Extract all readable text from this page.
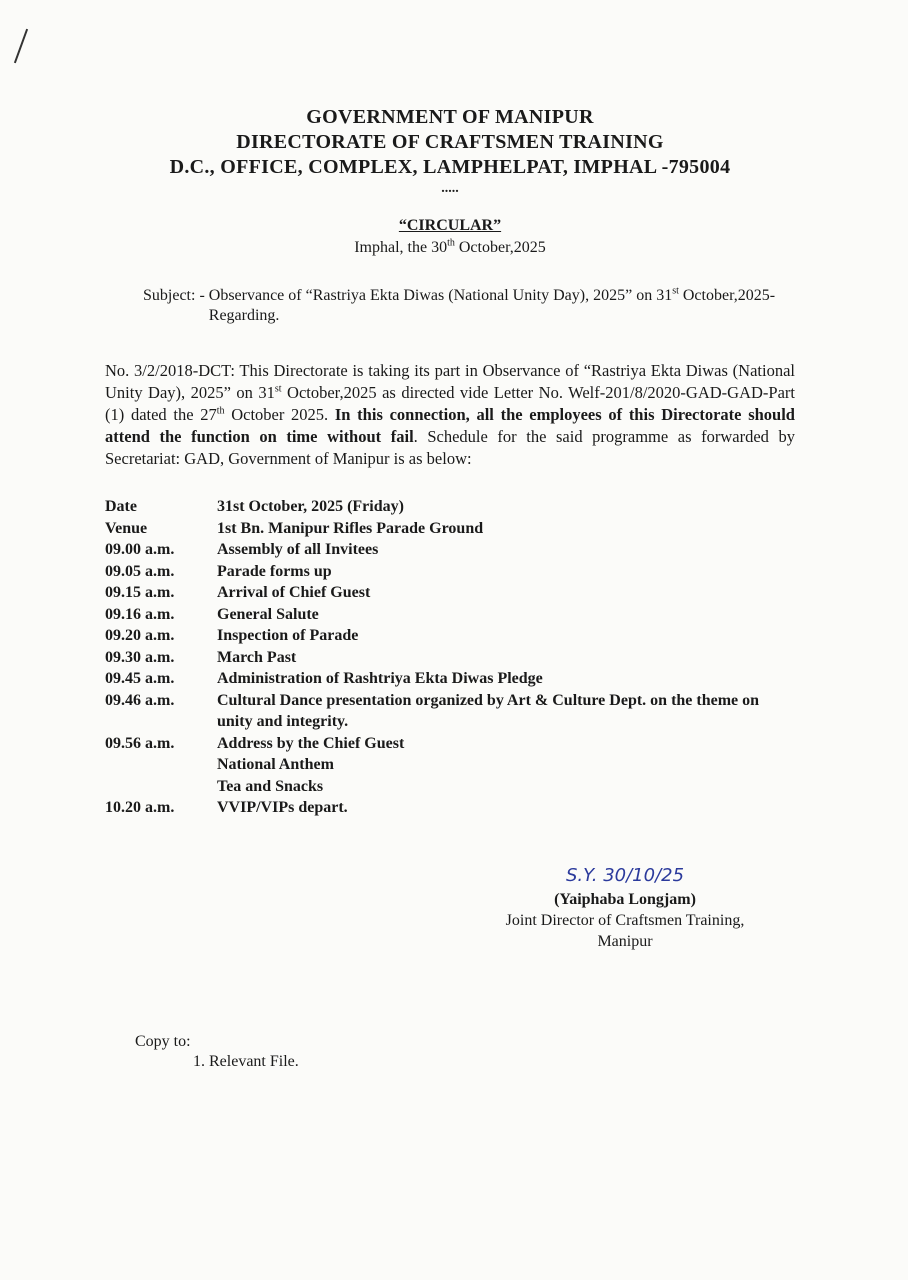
GOVERNMENT OF MANIPUR
DIRECTORATE OF CRAFTSMEN TRAINING
D.C., OFFICE, COMPLEX, LAMPHELPAT, IMPHAL -795004
.....
“CIRCULAR”
Imphal, the 30th October,2025
Subject: - Observance of “Rastriya Ekta Diwas (National Unity Day), 2025” on 31st October,2025- Regarding.
No. 3/2/2018-DCT: This Directorate is taking its part in Observance of “Rastriya Ekta Diwas (National Unity Day), 2025” on 31st October,2025 as directed vide Letter No. Welf-201/8/2020-GAD-GAD-Part (1) dated the 27th October 2025. In this connection, all the employees of this Directorate should attend the function on time without fail. Schedule for the said programme as forwarded by Secretariat: GAD, Government of Manipur is as below:
Date	31st October, 2025 (Friday)
Venue	1st Bn. Manipur Rifles Parade Ground
09.00 a.m.	Assembly of all Invitees
09.05 a.m.	Parade forms up
09.15 a.m.	Arrival of Chief Guest
09.16 a.m.	General Salute
09.20 a.m.	Inspection of Parade
09.30 a.m.	March Past
09.45 a.m.	Administration of Rashtriya Ekta Diwas Pledge
09.46 a.m.	Cultural Dance presentation organized by Art & Culture Dept. on the theme on unity and integrity.
09.56 a.m.	Address by the Chief Guest
National Anthem
Tea and Snacks
10.20 a.m.	VVIP/VIPs depart.
S.Y. 30/10/25
(Yaiphaba Longjam)
Joint Director of Craftsmen Training,
Manipur
Copy to:
1. Relevant File.
